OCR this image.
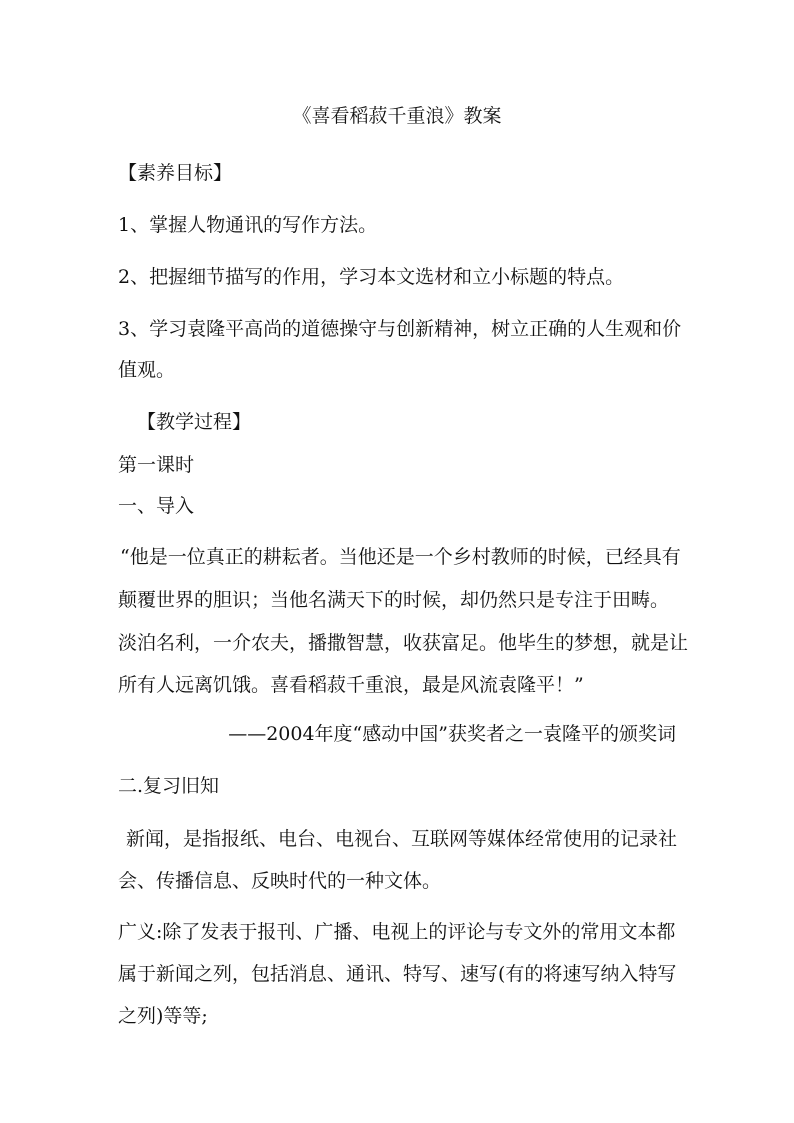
《喜看稻菽千重浪》教案
【素养目标】
1、掌握人物通讯的写作方法。
2、把握细节描写的作用，学习本文选材和立小标题的特点。
3、学习袁隆平高尚的道德操守与创新精神，树立正确的人生观和价
值观。
【教学过程】
第一课时
一、导入
“他是一位真正的耕耘者。当他还是一个乡村教师的时候，已经具有
颠覆世界的胆识；当他名满天下的时候，却仍然只是专注于田畴。
淡泊名利，一介农夫，播撒智慧，收获富足。他毕生的梦想，就是让
所有人远离饥饿。喜看稻菽千重浪，最是风流袁隆平！”
——2004年度“感动中国”获奖者之一袁隆平的颁奖词
二.复习旧知
新闻，是指报纸、电台、电视台、互联网等媒体经常使用的记录社
会、传播信息、反映时代的一种文体。
广义:除了发表于报刊、广播、电视上的评论与专文外的常用文本都
属于新闻之列，包括消息、通讯、特写、速写(有的将速写纳入特写
之列)等等;
